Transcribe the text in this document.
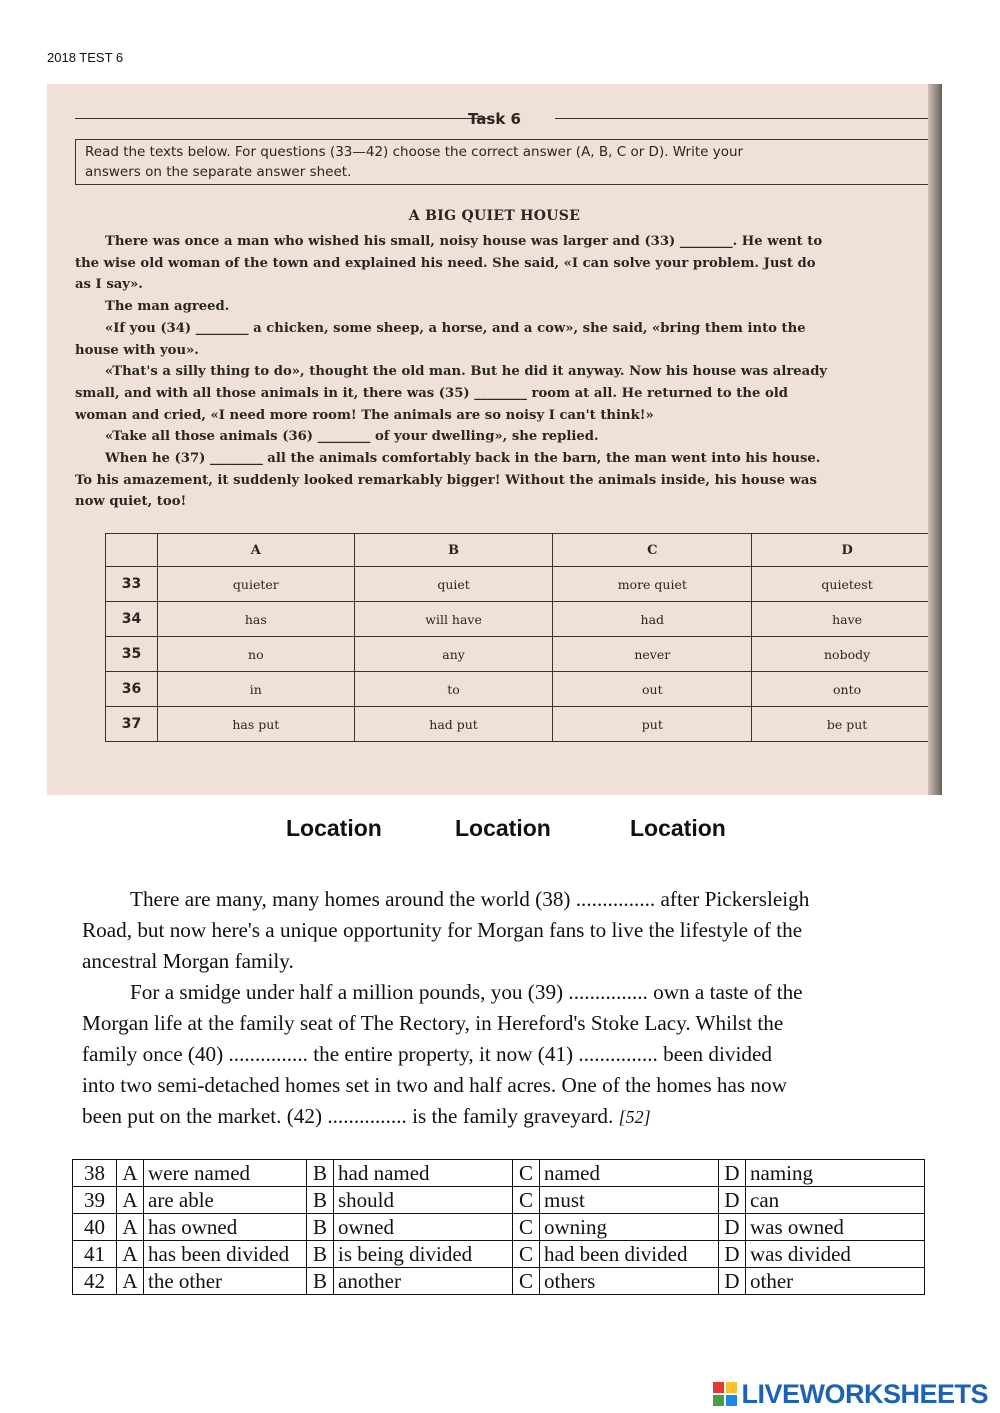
2018 TEST 6
Task 6
Read the texts below. For questions (33—42) choose the correct answer (A, B, C or D). Write your
answers on the separate answer sheet.
A BIG QUIET HOUSE

There was once a man who wished his small, noisy house was larger and (33) ________. He went to

the wise old woman of the town and explained his need. She said, «I can solve your problem. Just do

as I say».

The man agreed.

«If you (34) ________ a chicken, some sheep, a horse, and a cow», she said, «bring them into the

house with you».

«That's a silly thing to do», thought the old man. But he did it anyway. Now his house was already

small, and with all those animals in it, there was (35) ________ room at all. He returned to the old

woman and cried, «I need more room! The animals are so noisy I can't think!»

«Take all those animals (36) ________ of your dwelling», she replied.

When he (37) ________ all the animals comfortably back in the barn, the man went into his house.

To his amazement, it suddenly looked remarkably bigger! Without the animals inside, his house was

now quiet, too!

	A	B	C	D
33	quieter	quiet	more quiet	quietest
34	has	will have	had	have
35	no	any	never	nobody
36	in	to	out	onto
37	has put	had put	put	be put
Location	Location	Location

There are many, many homes around the world (38) ............... after Pickersleigh

Road, but now here's a unique opportunity for Morgan fans to live the lifestyle of the

ancestral Morgan family.

For a smidge under half a million pounds, you (39) ............... own a taste of the

Morgan life at the family seat of The Rectory, in Hereford's Stoke Lacy. Whilst the

family once (40) ............... the entire property, it now (41) ............... been divided

into two semi-detached homes set in two and half acres. One of the homes has now

been put on the market. (42) ............... is the family graveyard. [52]

38	A	were named	B	had named	C	named	D	naming
39	A	are able	B	should	C	must	D	can
40	A	has owned	B	owned	C	owning	D	was owned
41	A	has been divided	B	is being divided	C	had been divided	D	was divided
42	A	the other	B	another	C	others	D	other
LIVEWORKSHEETS
